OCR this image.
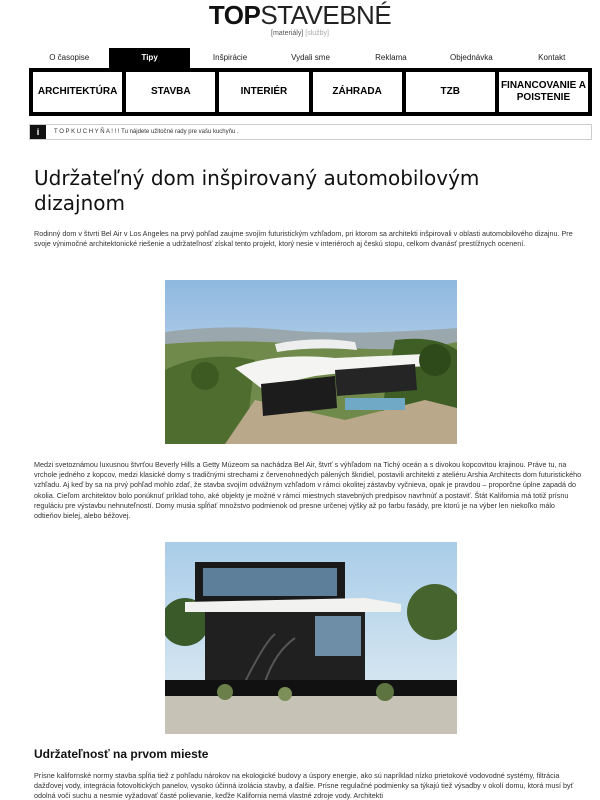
TOPSTAVEBNÉ
[materiály] [služby]
O časopise	Tipy	Inšpirácie	Vydali sme	Reklama	Objednávka	Kontakt
ARCHITEKTÚRA	STAVBA	INTERIÉR	ZÁHRADA	TZB
FINANCOVANIE A POISTENIE
i	T O P K U C H Y Ň A ! ! ! Tu nájdete užitočné rady pre vašu kuchyňu .
Udržateľný dom inšpirovaný automobilovým dizajnom

Rodinný dom v štvrti Bel Air v Los Angeles na prvý pohľad zaujme svojím futuristickým vzhľadom, pri ktorom sa architekti inšpirovali v oblasti automobilového dizajnu. Pre svoje výnimočné architektonické riešenie a udržateľnosť získal tento projekt, ktorý nesie v interiéroch aj českú stopu, celkom dvanásť prestížnych ocenení.

Medzi svetoznámou luxusnou štvrťou Beverly Hills a Getty Múzeom sa nachádza Bel Air, štvrť s výhľadom na Tichý oceán a s divokou kopcovitou krajinou. Práve tu, na vrchole jedného z kopcov, medzi klasické domy s tradičnými strechami z červenohnedých pálených škridiel, postavili architekti z ateliéru Arshia Architects dom futuristického vzhľadu. Aj keď by sa na prvý pohľad mohlo zdať, že stavba svojím odvážnym vzhľadom v rámci okolitej zástavby vyčnieva, opak je pravdou – proporčne úplne zapadá do okolia. Cieľom architektov bolo ponúknuť príklad toho, aké objekty je možné v rámci miestnych stavebných predpisov navrhnúť a postaviť. Štát Kalifornia má totiž prísnu reguláciu pre výstavbu nehnuteľností. Domy musia spĺňať množstvo podmienok od presne určenej výšky až po farbu fasády, pre ktorú je na výber len niekoľko málo odtieňov bielej, alebo béžovej.

Udržateľnosť na prvom mieste

Prísne kalifornské normy stavba spĺňa tiež z pohľadu nárokov na ekologické budovy a úspory energie, ako sú napríklad nízko prietokové vodovodné systémy, filtrácia dažďovej vody, integrácia fotovoltických panelov, vysoko účinná izolácia stavby, a ďalšie. Prísne regulačné podmienky sa týkajú tiež výsadby v okolí domu, ktorá musí byť odolná voči suchu a nesmie vyžadovať časté polievanie, keďže Kalifornia nemá vlastné zdroje vody. Architekti
